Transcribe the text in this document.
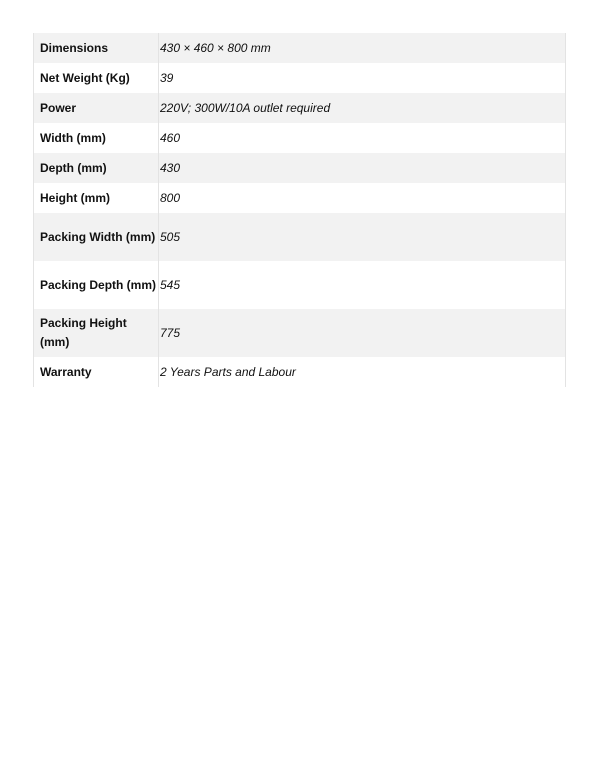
Dimensions	430 × 460 × 800 mm
Net Weight (Kg)	39
Power	220V; 300W/10A outlet required
Width (mm)	460
Depth (mm)	430
Height (mm)	800
Packing Width (mm)	505
Packing Depth (mm)	545
Packing Height (mm)	775
Warranty	2 Years Parts and Labour
